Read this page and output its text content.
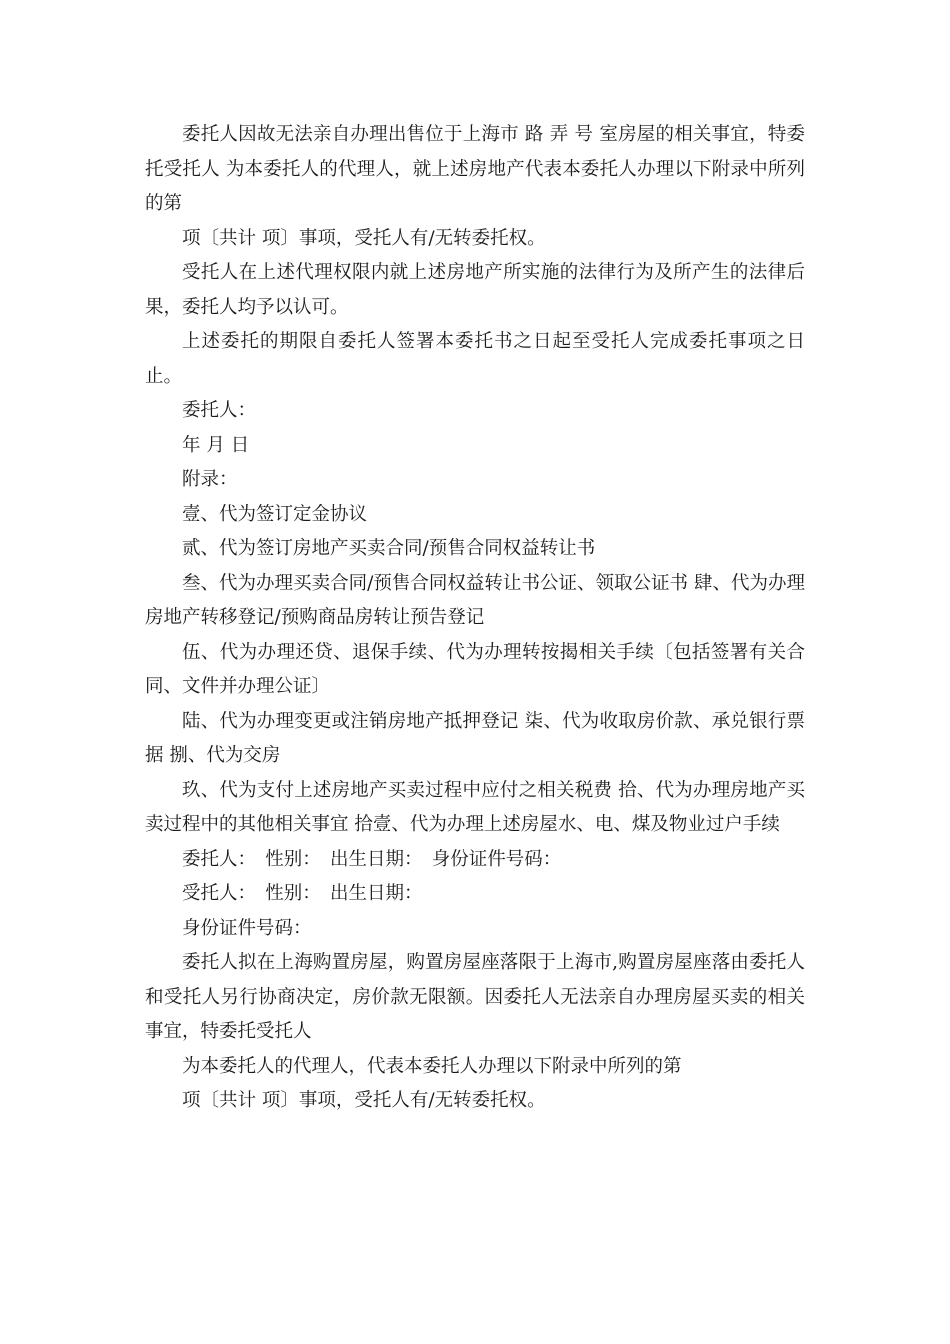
委托人因故无法亲自办理出售位于上海市 路 弄 号 室房屋的相关事宜，特委托受托人 为本委托人的代理人，就上述房地产代表本委托人办理以下附录中所列的第

项〔共计 项〕事项，受托人有/无转委托权。

受托人在上述代理权限内就上述房地产所实施的法律行为及所产生的法律后果，委托人均予以认可。

上述委托的期限自委托人签署本委托书之日起至受托人完成委托事项之日止。

委托人：

年 月 日

附录：

壹、代为签订定金协议

贰、代为签订房地产买卖合同/预售合同权益转让书

叁、代为办理买卖合同/预售合同权益转让书公证、领取公证书 肆、代为办理房地产转移登记/预购商品房转让预告登记

伍、代为办理还贷、退保手续、代为办理转按揭相关手续〔包括签署有关合同、文件并办理公证〕

陆、代为办理变更或注销房地产抵押登记 柒、代为收取房价款、承兑银行票据 捌、代为交房

玖、代为支付上述房地产买卖过程中应付之相关税费 拾、代为办理房地产买卖过程中的其他相关事宜 拾壹、代为办理上述房屋水、电、煤及物业过户手续

委托人：　性别：　出生日期：　身份证件号码：

受托人：　性别：　出生日期：

身份证件号码：

委托人拟在上海购置房屋，购置房屋座落限于上海市,购置房屋座落由委托人和受托人另行协商决定，房价款无限额。因委托人无法亲自办理房屋买卖的相关事宜，特委托受托人

为本委托人的代理人，代表本委托人办理以下附录中所列的第

项〔共计 项〕事项，受托人有/无转委托权。
